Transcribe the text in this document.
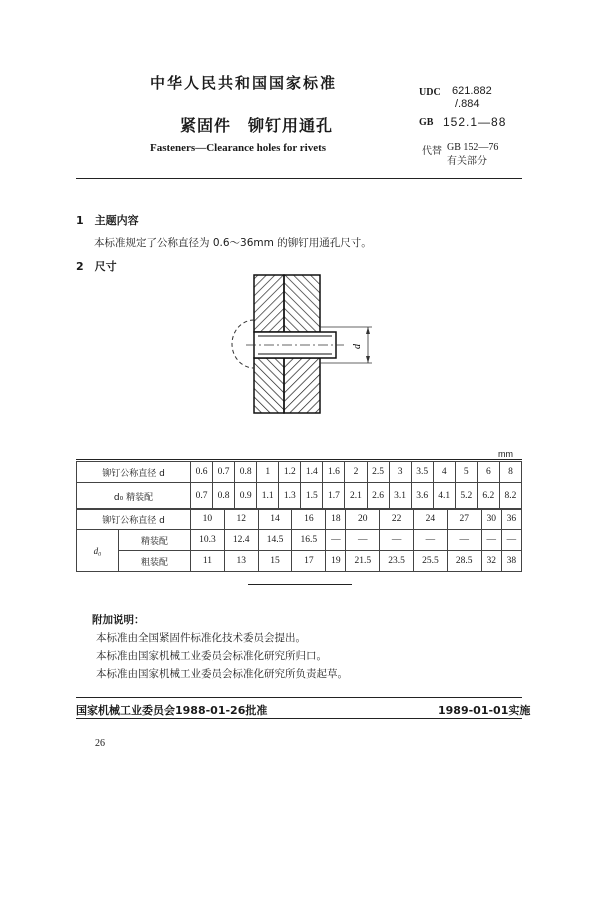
中华人民共和国国家标准
紧固件　铆钉用通孔
Fasteners—Clearance holes for rivets
UDC 621.882
/.884
GB 152.1—88
代替 GB 152—76
有关部分
1　主题内容
本标准规定了公称直径为 0.6～36mm 的铆钉用通孔尺寸。
2　尺寸
d
mm
铆钉公称直径 d	0.6	0.7	0.8	1	1.2	1.4	1.6	2	2.5	3	3.5	4	5	6	8
d₀ 精装配	0.7	0.8	0.9	1.1	1.3	1.5	1.7	2.1	2.6	3.1	3.6	4.1	5.2	6.2	8.2
铆钉公称直径 d		10	12	14	16	18	20	22	24	27	30	36
d₀	精装配	10.3	12.4	14.5	16.5	—	—	—	—	—	—	—
	粗装配	11	13	15	17	19	21.5	23.5	25.5	28.5	32	38
附加说明：
本标准由全国紧固件标准化技术委员会提出。
本标准由国家机械工业委员会标准化研究所归口。
本标准由国家机械工业委员会标准化研究所负责起草。
国家机械工业委员会1988-01-26批准	1989-01-01实施
26
